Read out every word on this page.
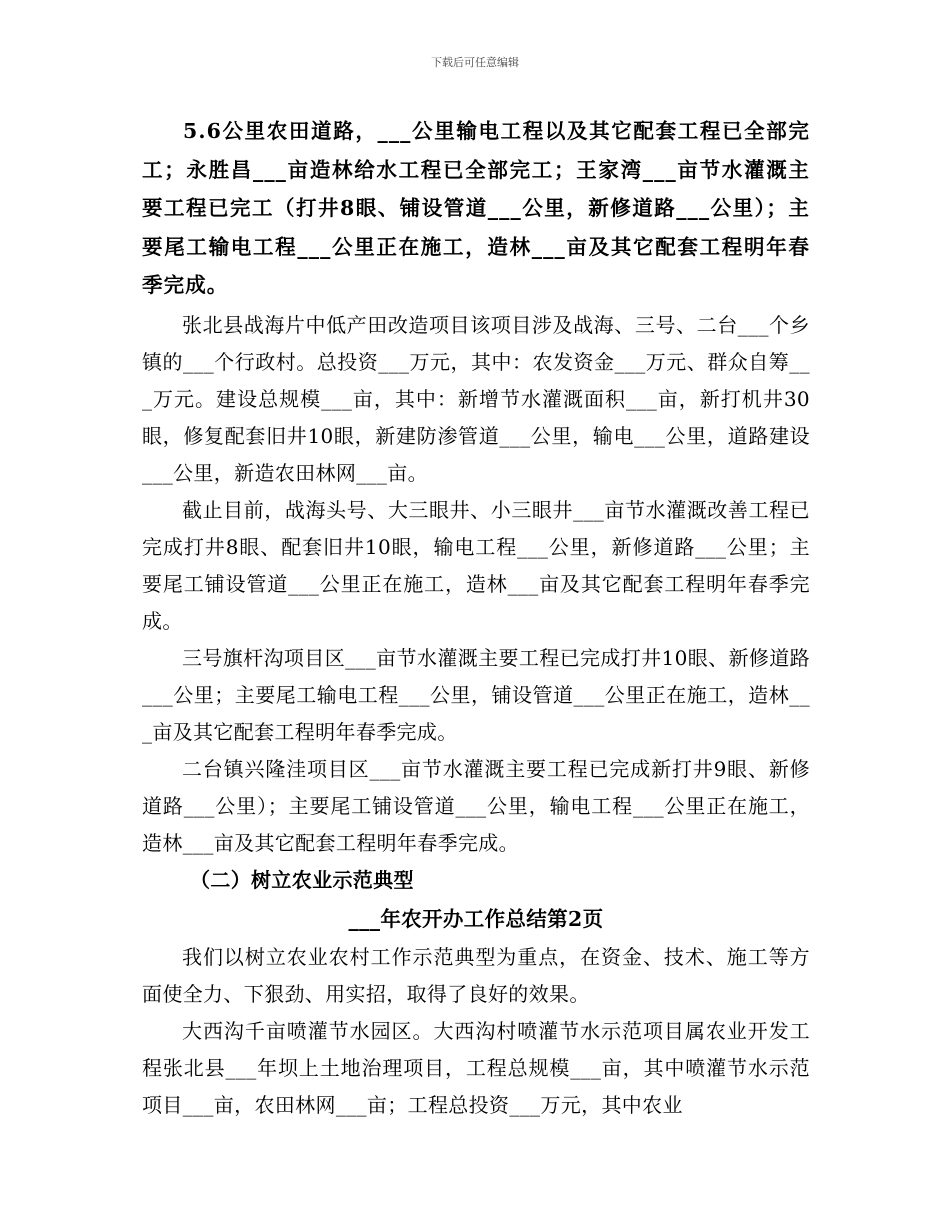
下载后可任意编辑

5.6公里农田道路，___公里输电工程以及其它配套工程已全部完工；永胜昌___亩造林给水工程已全部完工；王家湾___亩节水灌溉主要工程已完工（打井8眼、铺设管道___公里，新修道路___公里）；主要尾工输电工程___公里正在施工，造林___亩及其它配套工程明年春季完成。

张北县战海片中低产田改造项目该项目涉及战海、三号、二台___个乡镇的___个行政村。总投资___万元，其中：农发资金___万元、群众自筹___万元。建设总规模___亩，其中：新增节水灌溉面积___亩，新打机井30眼，修复配套旧井10眼，新建防渗管道___公里，输电___公里，道路建设___公里，新造农田林网___亩。

截止目前，战海头号、大三眼井、小三眼井___亩节水灌溉改善工程已完成打井8眼、配套旧井10眼，输电工程___公里，新修道路___公里；主要尾工铺设管道___公里正在施工，造林___亩及其它配套工程明年春季完成。

三号旗杆沟项目区___亩节水灌溉主要工程已完成打井10眼、新修道路___公里；主要尾工输电工程___公里，铺设管道___公里正在施工，造林___亩及其它配套工程明年春季完成。

二台镇兴隆洼项目区___亩节水灌溉主要工程已完成新打井9眼、新修道路___公里）；主要尾工铺设管道___公里，输电工程___公里正在施工，造林___亩及其它配套工程明年春季完成。

（二）树立农业示范典型

___年农开办工作总结第2页

我们以树立农业农村工作示范典型为重点，在资金、技术、施工等方面使全力、下狠劲、用实招，取得了良好的效果。

大西沟千亩喷灌节水园区。大西沟村喷灌节水示范项目属农业开发工程张北县___年坝上土地治理项目，工程总规模___亩，其中喷灌节水示范项目___亩，农田林网___亩；工程总投资___万元，其中农业
